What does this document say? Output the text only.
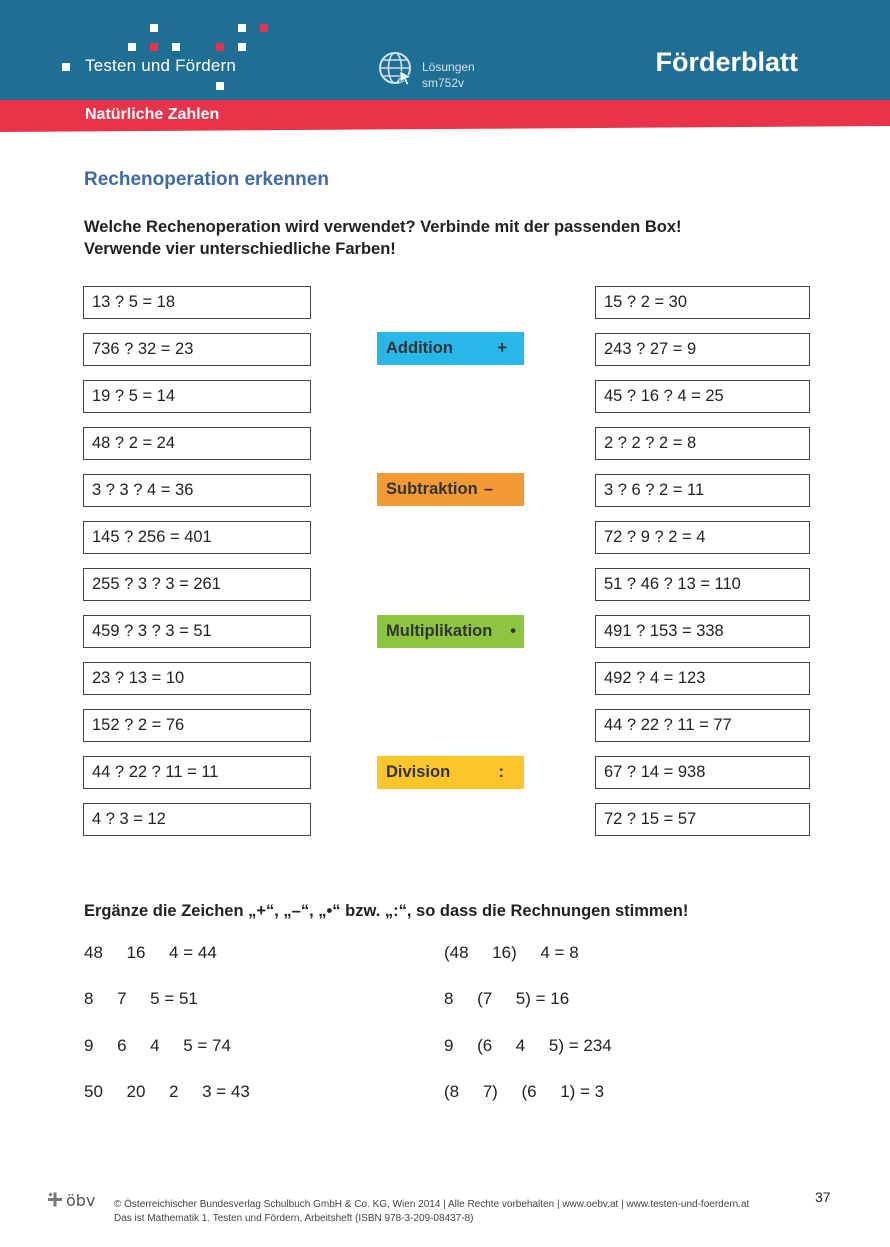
Testen und Fördern	Lösungen
sm752v
Förderblatt
Natürliche Zahlen
Rechenoperation erkennen
Welche Rechenoperation wird verwendet? Verbinde mit der passenden Box!
Verwende vier unterschiedliche Farben!
13 ? 5 = 18
736 ? 32 = 23
19 ? 5 = 14
48 ? 2 = 24
3 ? 3 ? 4 = 36
145 ? 256 = 401
255 ? 3 ? 3 = 261
459 ? 3 ? 3 = 51
23 ? 13 = 10
152 ? 2 = 76
44 ? 22 ? 11 = 11
4 ? 3 = 12
Addition	+
Subtraktion –
Multiplikation •
Division	:
15 ? 2 = 30
243 ? 27 = 9
45 ? 16 ? 4 = 25
2 ? 2 ? 2 = 8
3 ? 6 ? 2 = 11
72 ? 9 ? 2 = 4
51 ? 46 ? 13 = 110
491 ? 153 = 338
492 ? 4 = 123
44 ? 22 ? 11 = 77
67 ? 14 = 938
72 ? 15 = 57
Ergänze die Zeichen „+“, „–“, „•“ bzw. „:“, so dass die Rechnungen stimmen!
48     16     4 = 44
8     7     5 = 51
9     6     4     5 = 74
50     20     2     3 = 43
(48     16)     4 = 8
8     (7     5) = 16
9     (6     4     5) = 234
(8     7)     (6     1) = 3
öbv © Österreichischer Bundesverlag Schulbuch GmbH & Co. KG, Wien 2014 | Alle Rechte vorbehalten | www.oebv.at | www.testen-und-foerdern.at
Das ist Mathematik 1. Testen und Fördern, Arbeitsheft (ISBN 978-3-209-08437-8)
37
